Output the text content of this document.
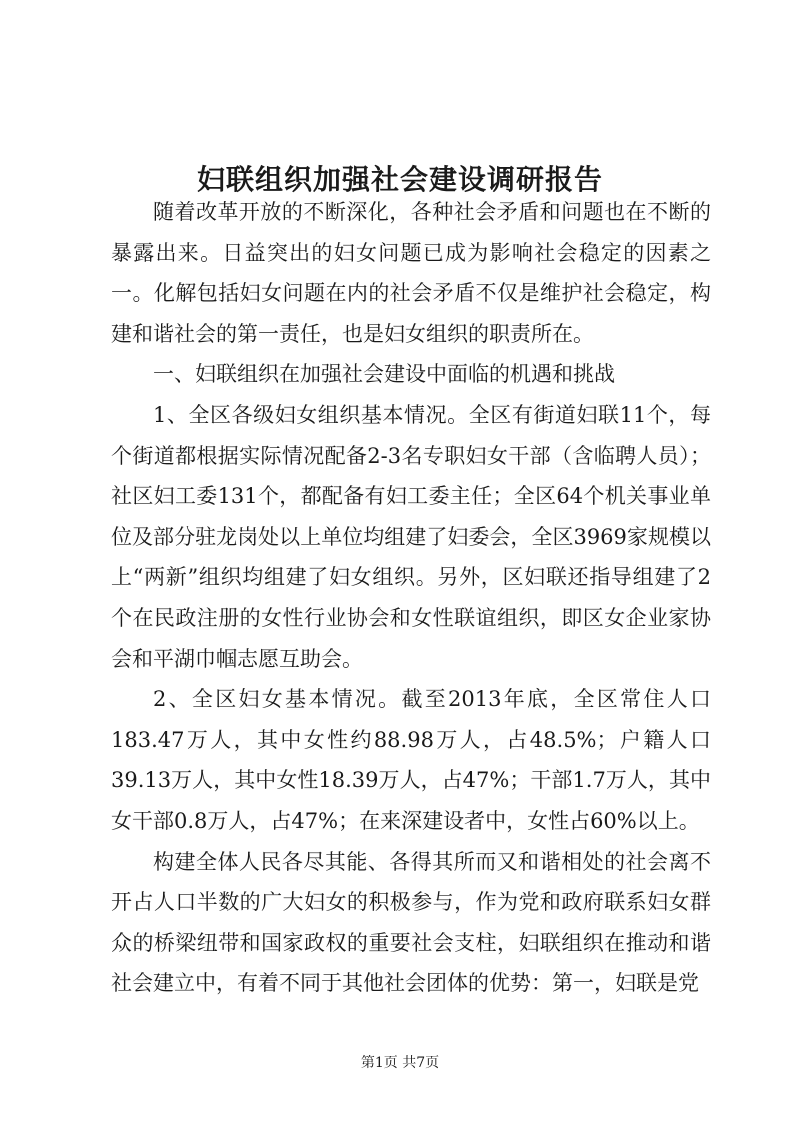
妇联组织加强社会建设调研报告

随着改革开放的不断深化，各种社会矛盾和问题也在不断的暴露出来。日益突出的妇女问题已成为影响社会稳定的因素之一。化解包括妇女问题在内的社会矛盾不仅是维护社会稳定，构建和谐社会的第一责任，也是妇女组织的职责所在。

一、妇联组织在加强社会建设中面临的机遇和挑战

1、全区各级妇女组织基本情况。全区有街道妇联11个，每个街道都根据实际情况配备2-3名专职妇女干部（含临聘人员）；社区妇工委131个，都配备有妇工委主任；全区64个机关事业单位及部分驻龙岗处以上单位均组建了妇委会，全区3969家规模以上“两新”组织均组建了妇女组织。另外，区妇联还指导组建了2个在民政注册的女性行业协会和女性联谊组织，即区女企业家协会和平湖巾帼志愿互助会。

2、全区妇女基本情况。截至2013年底，全区常住人口183.47万人，其中女性约88.98万人，占48.5%；户籍人口39.13万人，其中女性18.39万人，占47%；干部1.7万人，其中女干部0.8万人，占47%；在来深建设者中，女性占60%以上。

构建全体人民各尽其能、各得其所而又和谐相处的社会离不开占人口半数的广大妇女的积极参与，作为党和政府联系妇女群众的桥梁纽带和国家政权的重要社会支柱，妇联组织在推动和谐社会建立中，有着不同于其他社会团体的优势：第一，妇联是党

第1页 共7页
